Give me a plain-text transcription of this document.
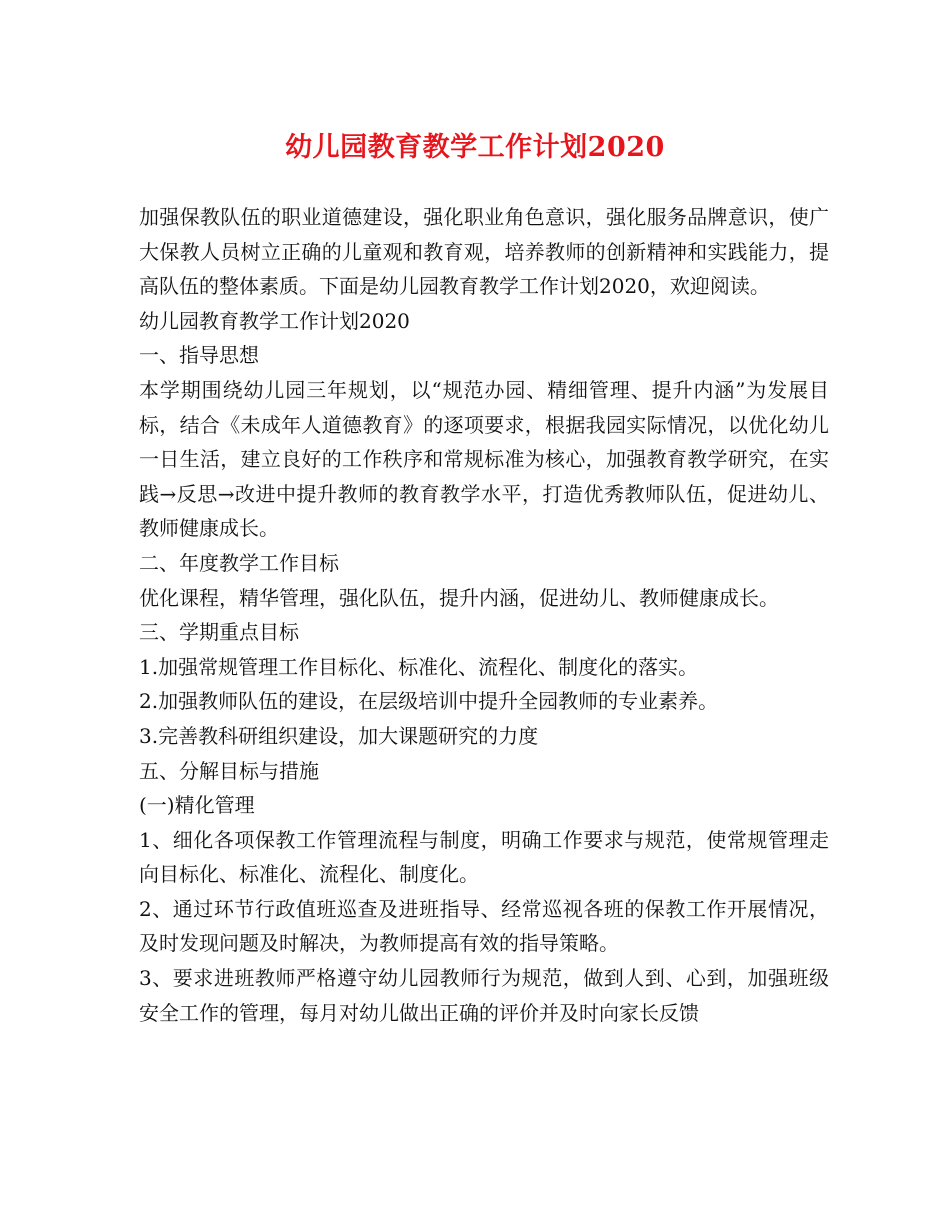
幼儿园教育教学工作计划2020

加强保教队伍的职业道德建设，强化职业角色意识，强化服务品牌意识，使广大保教人员树立正确的儿童观和教育观，培养教师的创新精神和实践能力，提高队伍的整体素质。下面是幼儿园教育教学工作计划2020，欢迎阅读。

幼儿园教育教学工作计划2020

一、指导思想

本学期围绕幼儿园三年规划，以“规范办园、精细管理、提升内涵”为发展目标，结合《未成年人道德教育》的逐项要求，根据我园实际情况，以优化幼儿一日生活，建立良好的工作秩序和常规标准为核心，加强教育教学研究，在实践→反思→改进中提升教师的教育教学水平，打造优秀教师队伍，促进幼儿、教师健康成长。

二、年度教学工作目标

优化课程，精华管理，强化队伍，提升内涵，促进幼儿、教师健康成长。

三、学期重点目标

1.加强常规管理工作目标化、标准化、流程化、制度化的落实。

2.加强教师队伍的建设，在层级培训中提升全园教师的专业素养。

3.完善教科研组织建设，加大课题研究的力度

五、分解目标与措施

(一)精化管理

1、细化各项保教工作管理流程与制度，明确工作要求与规范，使常规管理走向目标化、标准化、流程化、制度化。

2、通过环节行政值班巡查及进班指导、经常巡视各班的保教工作开展情况，及时发现问题及时解决，为教师提高有效的指导策略。

3、要求进班教师严格遵守幼儿园教师行为规范，做到人到、心到，加强班级安全工作的管理，每月对幼儿做出正确的评价并及时向家长反馈
